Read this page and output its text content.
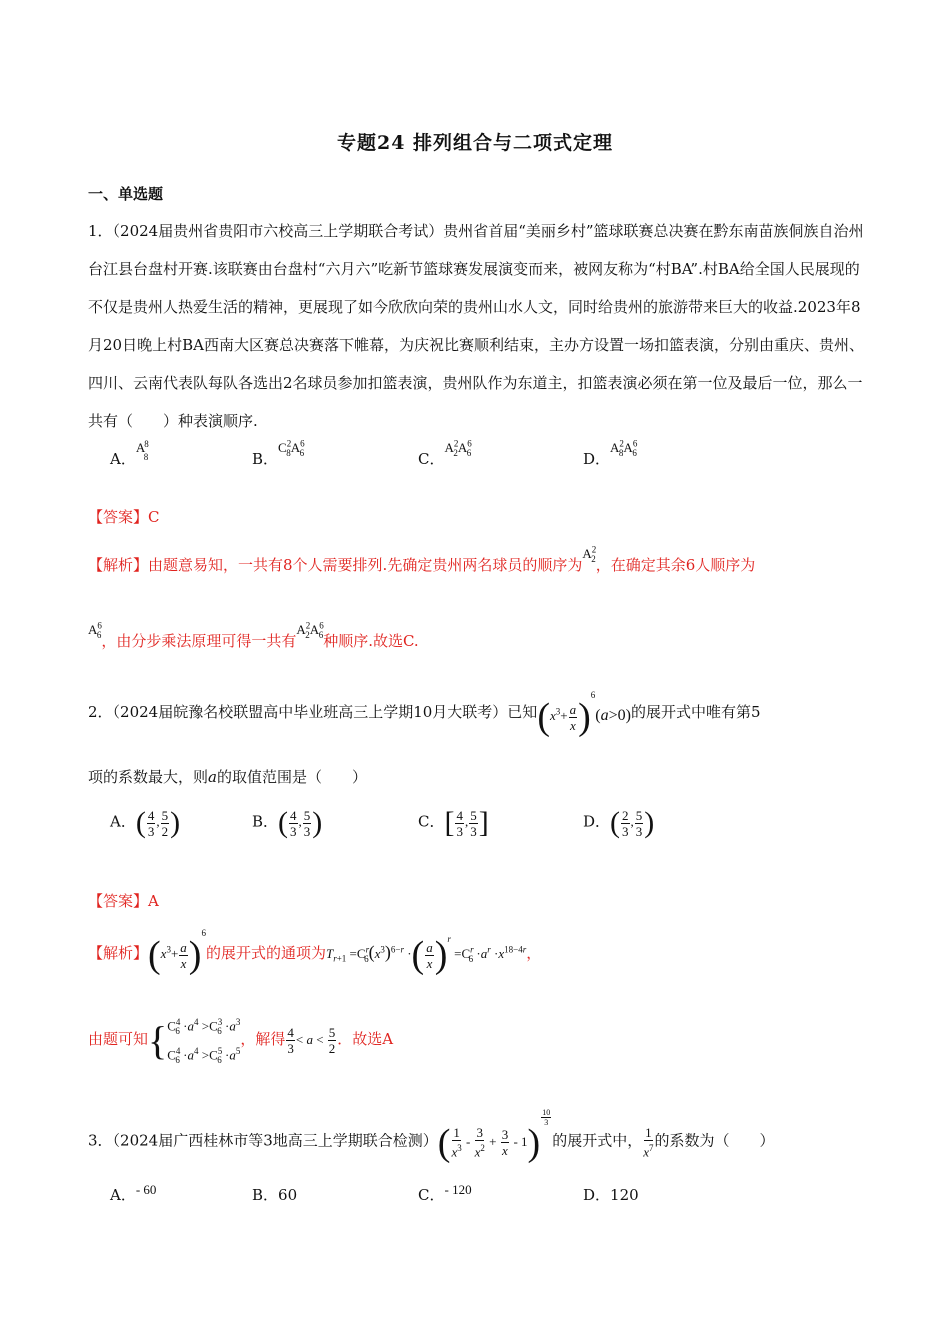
专题24 排列组合与二项式定理
一、单选题
1．（2024届贵州省贵阳市六校高三上学期联合考试）贵州省首届“美丽乡村”篮球联赛总决赛在黔东南苗族侗族自治州台江县台盘村开赛.该联赛由台盘村“六月六”吃新节篮球赛发展演变而来，被网友称为“村BA”.村BA给全国人民展现的不仅是贵州人热爱生活的精神，更展现了如今欣欣向荣的贵州山水人文，同时给贵州的旅游带来巨大的收益.2023年8月20日晚上村BA西南大区赛总决赛落下帷幕，为庆祝比赛顺利结束，主办方设置一场扣篮表演，分别由重庆、贵州、四川、云南代表队每队各选出2名球员参加扣篮表演，贵州队作为东道主，扣篮表演必须在第一位及最后一位，那么一共有（　　）种表演顺序.
A．$A^8_8$	B．$C^2_8A^6_6$	C．$A^2_2A^6_6$	D．$A^2_8A^6_6$
【答案】C
【解析】由题意易知，一共有8个人需要排列.先确定贵州两名球员的顺序为$A^2_2$，在确定其余6人顺序为
$A^6_6$，由分步乘法原理可得一共有$A^2_2A^6_6$种顺序.故选C.
2．（2024届皖豫名校联盟高中毕业班高三上学期10月大联考）已知$(x^3+ \frac{a}{x} )^6(a>0)$的展开式中唯有第5
项的系数最大，则a的取值范围是（　　）
A．( $\frac{4}{3}$ , $\frac{5}{2}$ )	B．( $\frac{4}{3}$ , $\frac{5}{3}$ )	C．[ $\frac{4}{3}$ , $\frac{5}{3}$ ]	D．( $\frac{2}{3}$ , $\frac{5}{3}$ )
【答案】A
【解析】$(x^3+ \frac{a}{x} )^6$的展开式的通项为$T_{r+1} =C^r_6(x^3)^{6-r}$ ·( $\frac{a}{x} )^r =C^r_6 \cdot a^r \cdot x^{18-4r}$，
由题可知{ $C^4_6 \cdot a^4 >C^3_6 \cdot a^3$
$C^4_6 \cdot a^4 >C^5_6 \cdot a^5$
，解得 $\frac{4}{3} < a < \frac{5}{2}$ ．故选A
3．（2024届广西桂林市等3地高三上学期联合检测）( $\frac{1}{x^3} - \frac{3}{x^2} + \frac{3}{x} - 1$)
$^{\frac{10}{3}}$
的展开式中， $\frac{1}{x^7}$ 的系数为（　　）
A．- 60	B．60	C．- 120	D．120
